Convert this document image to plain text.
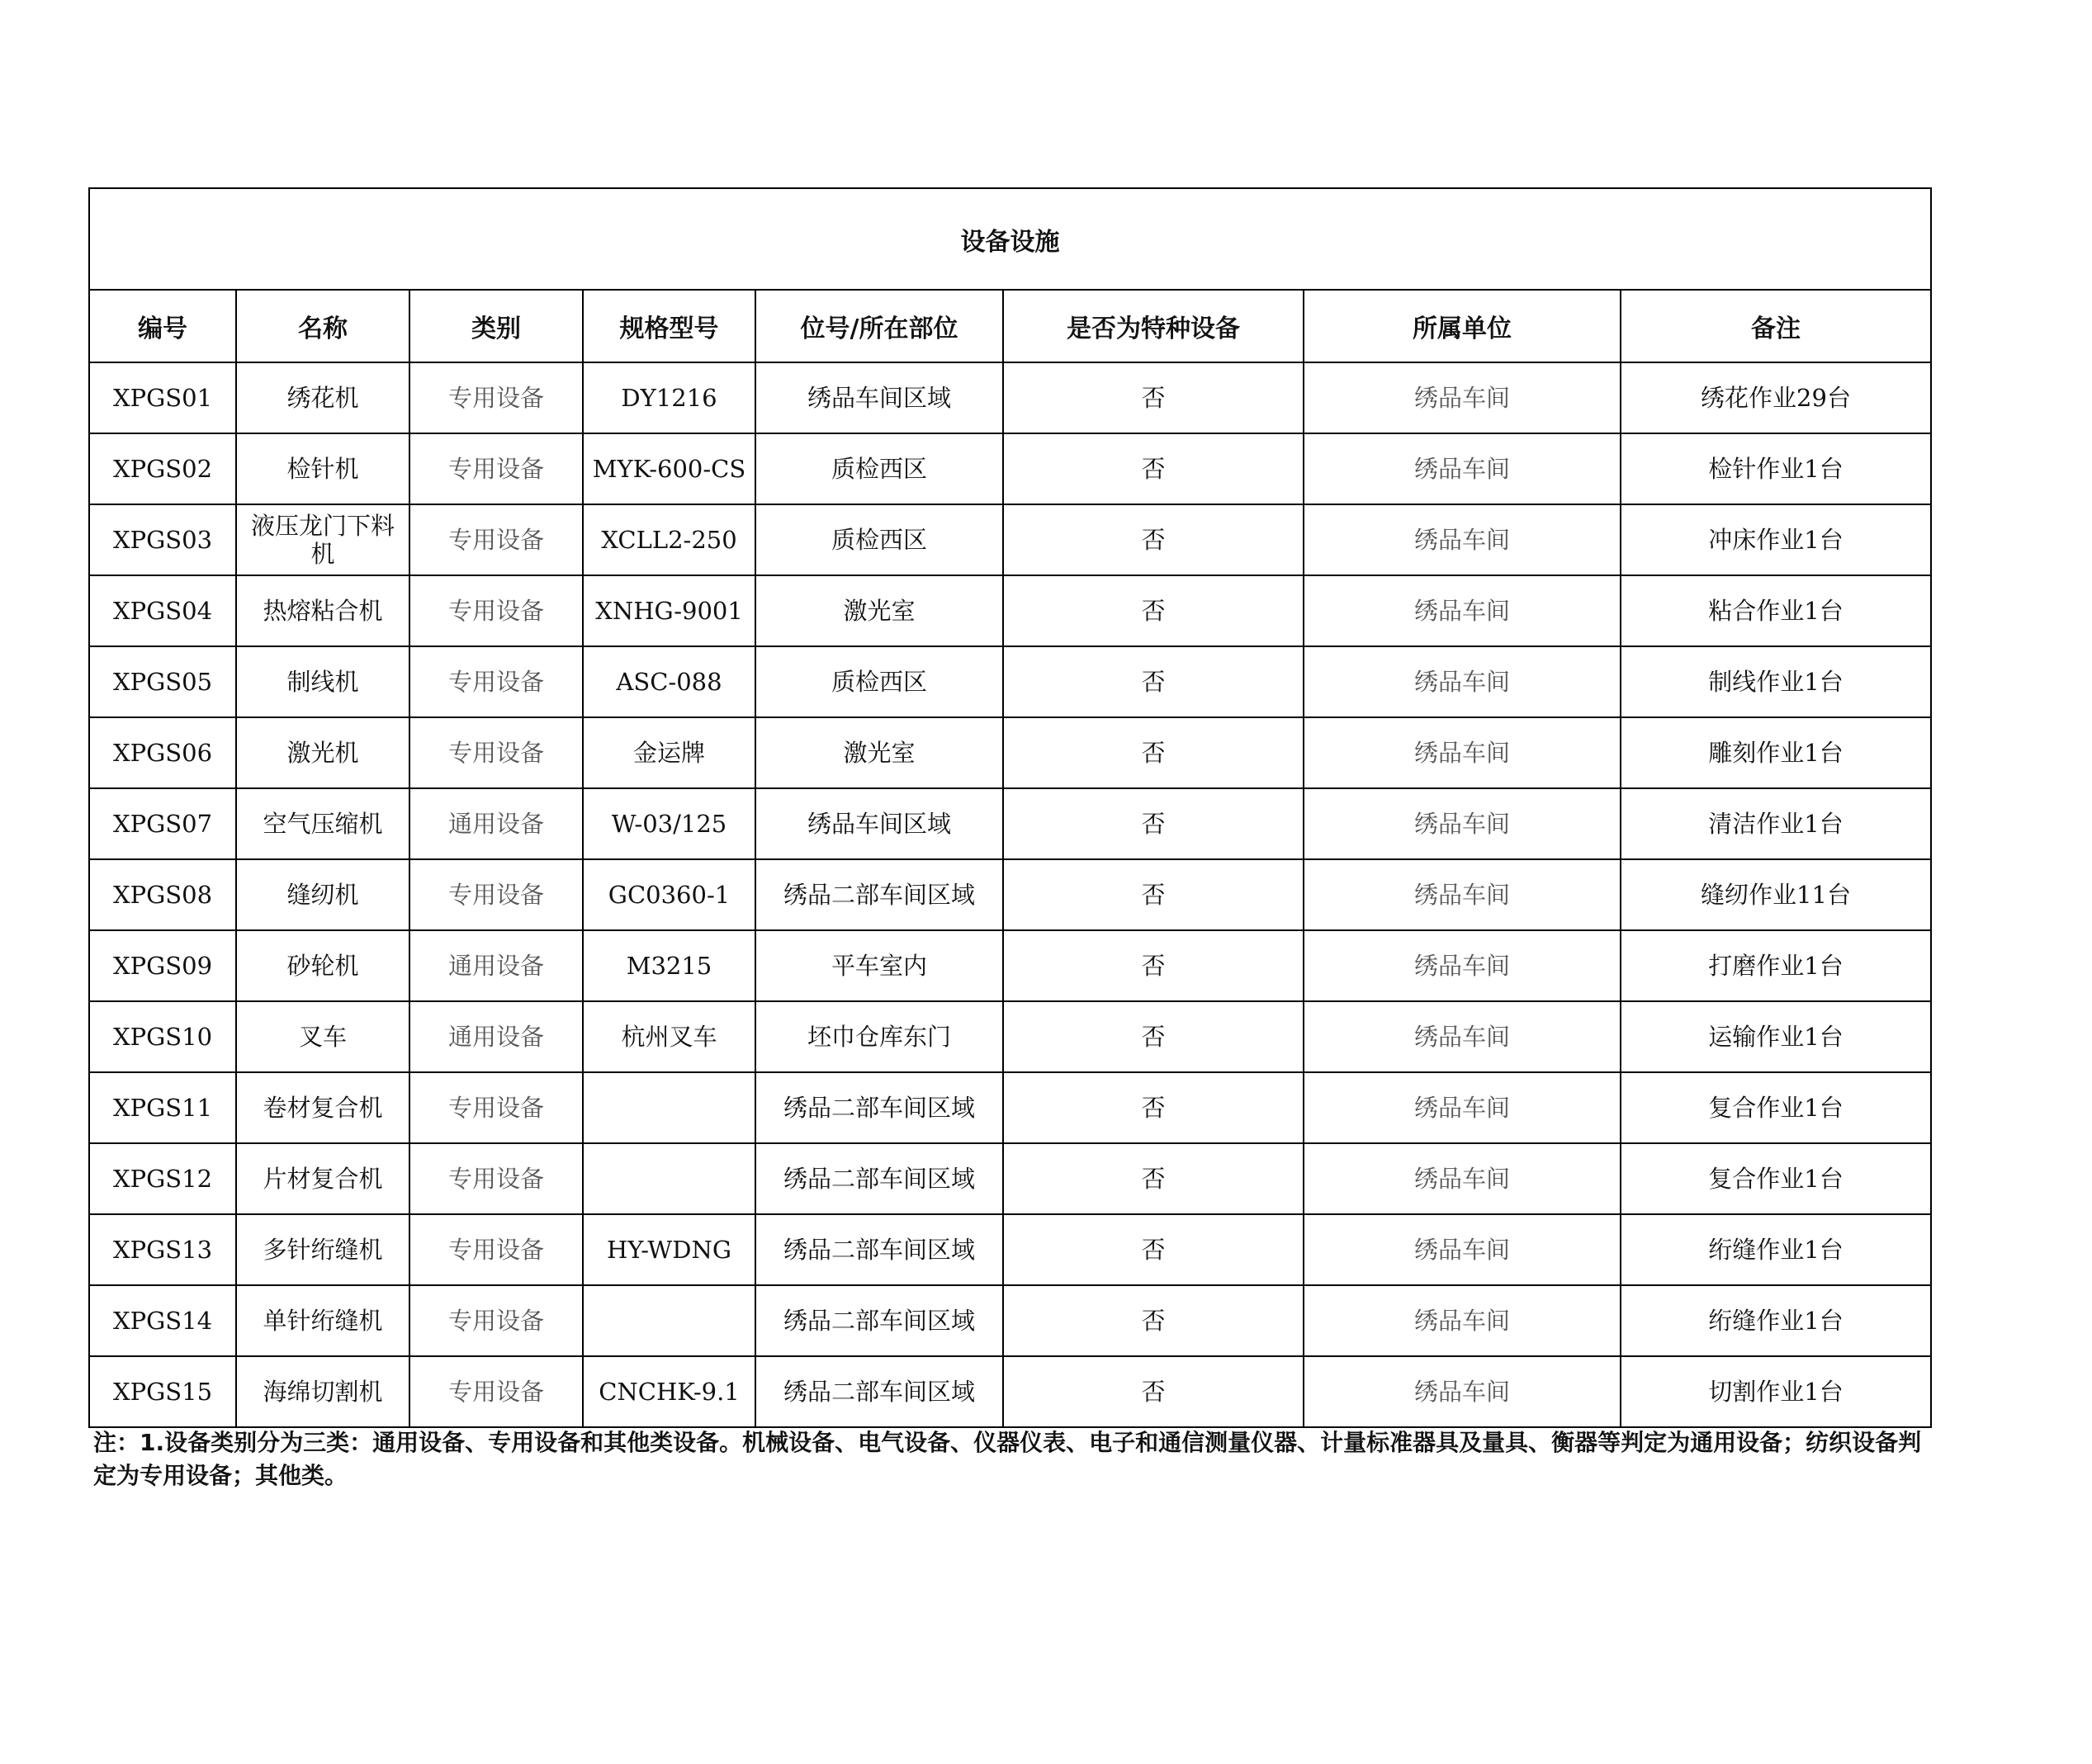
设备设施							
编号	名称	类别	规格型号	位号/所在部位	是否为特种设备	所属单位	备注
XPGS01	绣花机	专用设备	DY1216	绣品车间区域	否	绣品车间	绣花作业29台
XPGS02	检针机	专用设备	MYK-600-CS	质检西区	否	绣品车间	检针作业1台
XPGS03	液压龙门下料机	专用设备	XCLL2-250	质检西区	否	绣品车间	冲床作业1台
XPGS04	热熔粘合机	专用设备	XNHG-9001	激光室	否	绣品车间	粘合作业1台
XPGS05	制线机	专用设备	ASC-088	质检西区	否	绣品车间	制线作业1台
XPGS06	激光机	专用设备	金运牌	激光室	否	绣品车间	雕刻作业1台
XPGS07	空气压缩机	通用设备	W-03/125	绣品车间区域	否	绣品车间	清洁作业1台
XPGS08	缝纫机	专用设备	GC0360-1	绣品二部车间区域	否	绣品车间	缝纫作业11台
XPGS09	砂轮机	通用设备	M3215	平车室内	否	绣品车间	打磨作业1台
XPGS10	叉车	通用设备	杭州叉车	坯巾仓库东门	否	绣品车间	运输作业1台
XPGS11	卷材复合机	专用设备		绣品二部车间区域	否	绣品车间	复合作业1台
XPGS12	片材复合机	专用设备		绣品二部车间区域	否	绣品车间	复合作业1台
XPGS13	多针绗缝机	专用设备	HY-WDNG	绣品二部车间区域	否	绣品车间	绗缝作业1台
XPGS14	单针绗缝机	专用设备		绣品二部车间区域	否	绣品车间	绗缝作业1台
XPGS15	海绵切割机	专用设备	CNCHK-9.1	绣品二部车间区域	否	绣品车间	切割作业1台
注：1.设备类别分为三类：通用设备、专用设备和其他类设备。机械设备、电气设备、仪器仪表、电子和通信测量仪器、计量标准器具及量具、衡器等判定为通用设备；纺织设备判定为专用设备；其他类。
